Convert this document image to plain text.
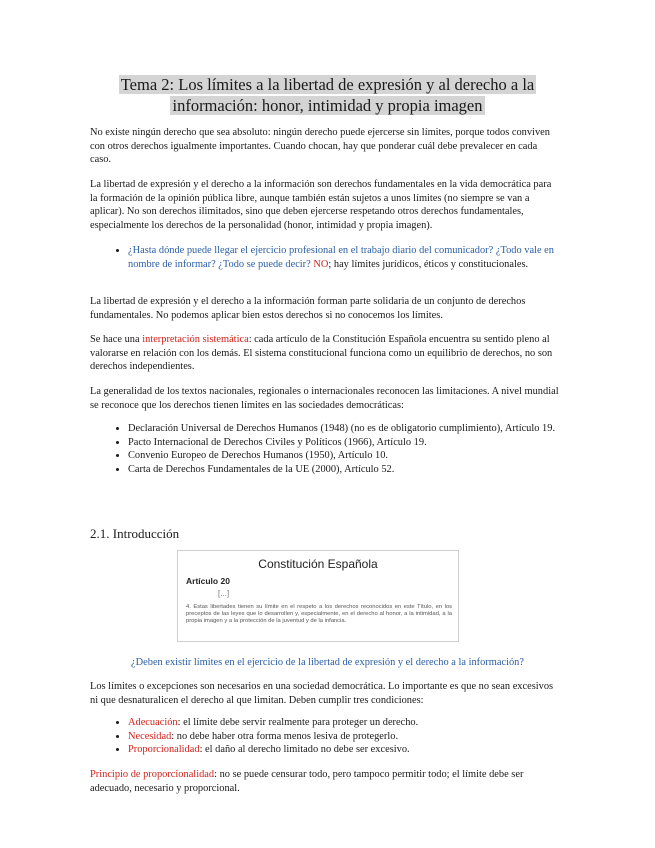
Tema 2: Los límites a la libertad de expresión y al derecho a la
información: honor, intimidad y propia imagen

No existe ningún derecho que sea absoluto: ningún derecho puede ejercerse sin límites, porque todos conviven con otros derechos igualmente importantes. Cuando chocan, hay que ponderar cuál debe prevalecer en cada caso.

La libertad de expresión y el derecho a la información son derechos fundamentales en la vida democrática para la formación de la opinión pública libre, aunque también están sujetos a unos límites (no siempre se van a aplicar). No son derechos ilimitados, sino que deben ejercerse respetando otros derechos fundamentales, especialmente los derechos de la personalidad (honor, intimidad y propia imagen).

• ¿Hasta dónde puede llegar el ejercicio profesional en el trabajo diario del comunicador? ¿Todo vale en nombre de informar? ¿Todo se puede decir? NO; hay límites jurídicos, éticos y constitucionales.

La libertad de expresión y el derecho a la información forman parte solidaria de un conjunto de derechos fundamentales. No podemos aplicar bien estos derechos si no conocemos los límites.

Se hace una interpretación sistemática: cada artículo de la Constitución Española encuentra su sentido pleno al valorarse en relación con los demás. El sistema constitucional funciona como un equilibrio de derechos, no son derechos independientes.

La generalidad de los textos nacionales, regionales o internacionales reconocen las limitaciones. A nivel mundial se reconoce que los derechos tienen límites en las sociedades democráticas:

• Declaración Universal de Derechos Humanos (1948) (no es de obligatorio cumplimiento), Artículo 19.
• Pacto Internacional de Derechos Civiles y Políticos (1966), Artículo 19.
• Convenio Europeo de Derechos Humanos (1950), Artículo 10.
• Carta de Derechos Fundamentales de la UE (2000), Artículo 52.
2.1. Introducción
Constitución Española
Artículo 20
[...]
4. Estas libertades tienen su límite en el respeto a los derechos reconocidos en este Título, en los preceptos de las leyes que lo desarrollen y, especialmente, en el derecho al honor, a la intimidad, a la propia imagen y a la protección de la juventud y de la infancia.
¿Deben existir límites en el ejercicio de la libertad de expresión y el derecho a la información?

Los límites o excepciones son necesarios en una sociedad democrática. Lo importante es que no sean excesivos ni que desnaturalicen el derecho al que limitan. Deben cumplir tres condiciones:

• Adecuación: el límite debe servir realmente para proteger un derecho.
• Necesidad: no debe haber otra forma menos lesiva de protegerlo.
• Proporcionalidad: el daño al derecho limitado no debe ser excesivo.

Principio de proporcionalidad: no se puede censurar todo, pero tampoco permitir todo; el límite debe ser adecuado, necesario y proporcional.
